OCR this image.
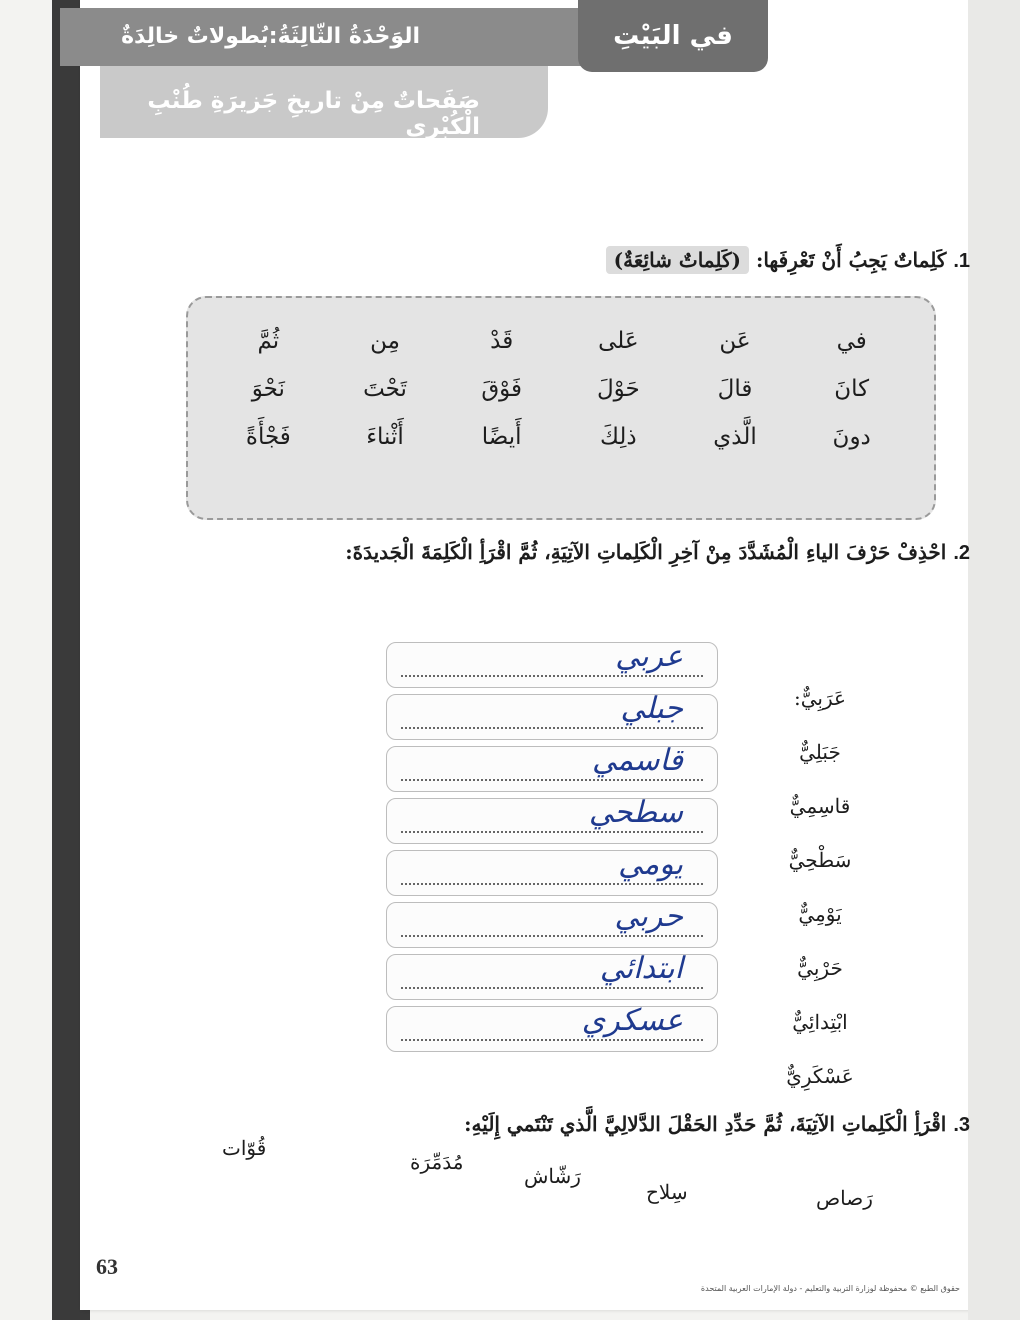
الوَحْدَةُ الثّالِثَةُ:بُطولاتٌ خالِدَةٌ	في البَيْتِ
صَفَحاتٌ مِنْ تاريخِ جَزيرَةِ طُنْبِ الْكُبْرى
1. كَلِماتٌ يَجِبُ أَنْ تَعْرِفَها: (كَلِماتٌ شائِعَةٌ)
في
عَن
عَلى
قَدْ
مِن
ثُمَّ
كانَ
قالَ
حَوْلَ
فَوْقَ
تَحْتَ
نَحْوَ
دونَ
الَّذي
ذلِكَ
أَيضًا
أَثْناءَ
فَجْأَةً
2. احْذِفْ حَرْفَ الياءِ الْمُشَدَّدَ مِنْ آخِرِ الْكَلِماتِ الآتِيَةِ، ثُمَّ اقْرَأِ الْكَلِمَةَ الْجَديدَةَ:
عَرَبِيٌّ:
عربي
جَبَلِيٌّ
جبلي
قاسِمِيٌّ
قاسمي
سَطْحِيٌّ
سطحي
يَوْمِيٌّ
يومي
حَرْبِيٌّ
حربي
ابْتِدائِيٌّ
ابتدائي
عَسْكَرِيٌّ
عسكري
3. اقْرَأِ الْكَلِماتِ الآتِيَةَ، ثُمَّ حَدِّدِ الحَقْلَ الدَّلالِيَّ الَّذي تَنْتَمي إِلَيْهِ:
قُوّات
مُدَمِّرَة
رَشّاش
سِلاح	رَصاص
63
حقوق الطبع © محفوظة لوزارة التربية والتعليم - دولة الإمارات العربية المتحدة
